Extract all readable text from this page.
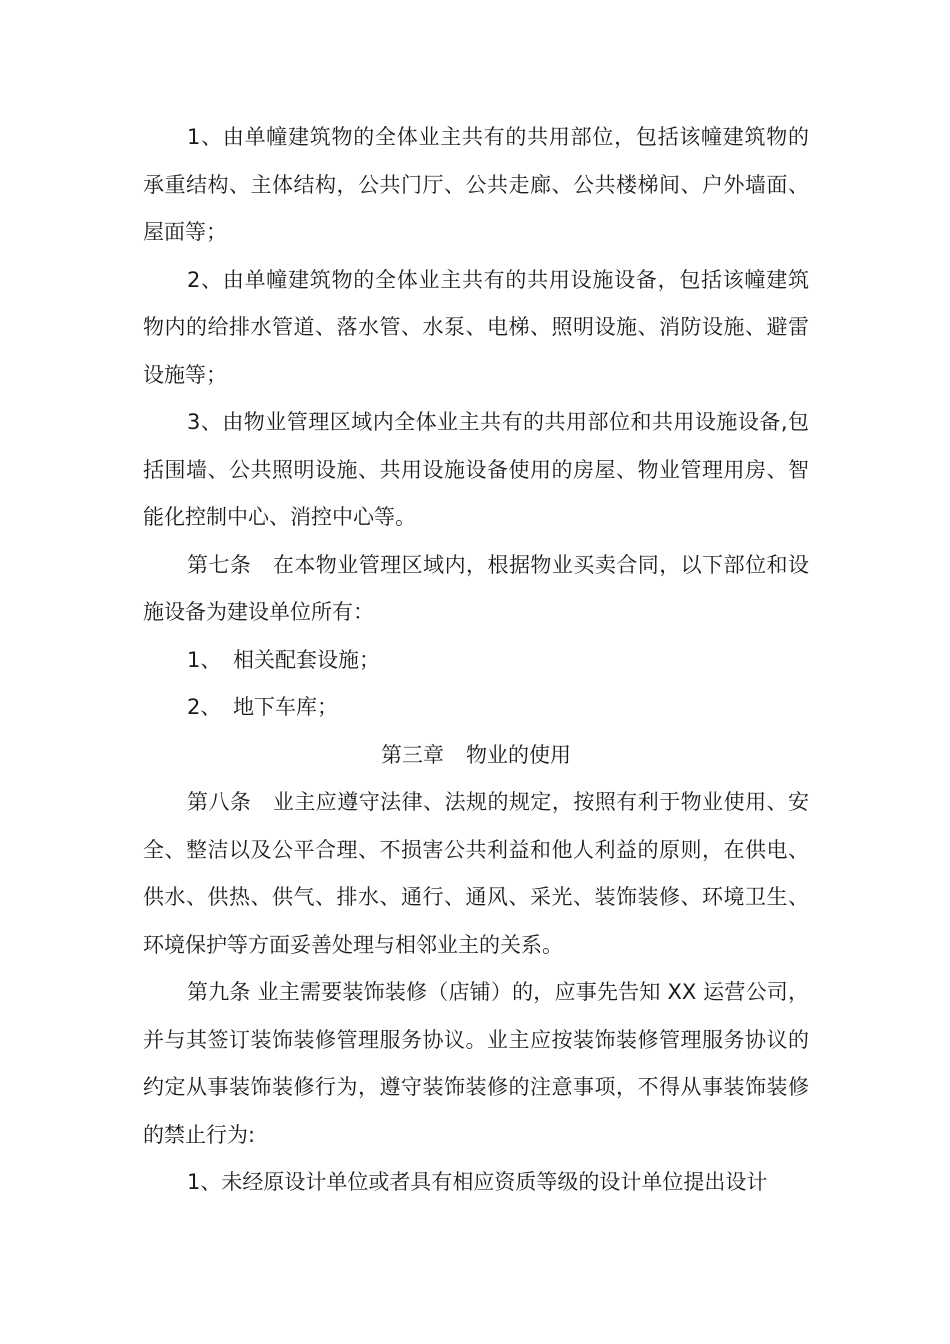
1、由单幢建筑物的全体业主共有的共用部位，包括该幢建筑物的承重结构、主体结构，公共门厅、公共走廊、公共楼梯间、户外墙面、屋面等；

2、由单幢建筑物的全体业主共有的共用设施设备，包括该幢建筑物内的给排水管道、落水管、水泵、电梯、照明设施、消防设施、避雷设施等；

3、由物业管理区域内全体业主共有的共用部位和共用设施设备,包括围墙、公共照明设施、共用设施设备使用的房屋、物业管理用房、智能化控制中心、消控中心等。

第七条　在本物业管理区域内，根据物业买卖合同，以下部位和设施设备为建设单位所有：

1、 相关配套设施；

2、 地下车库；

第三章 物业的使用

第八条　业主应遵守法律、法规的规定，按照有利于物业使用、安全、整洁以及公平合理、不损害公共利益和他人利益的原则，在供电、供水、供热、供气、排水、通行、通风、采光、装饰装修、环境卫生、环境保护等方面妥善处理与相邻业主的关系。

第九条 业主需要装饰装修（店铺）的，应事先告知 XX 运营公司，并与其签订装饰装修管理服务协议。业主应按装饰装修管理服务协议的约定从事装饰装修行为，遵守装饰装修的注意事项，不得从事装饰装修的禁止行为:

1、未经原设计单位或者具有相应资质等级的设计单位提出设计
